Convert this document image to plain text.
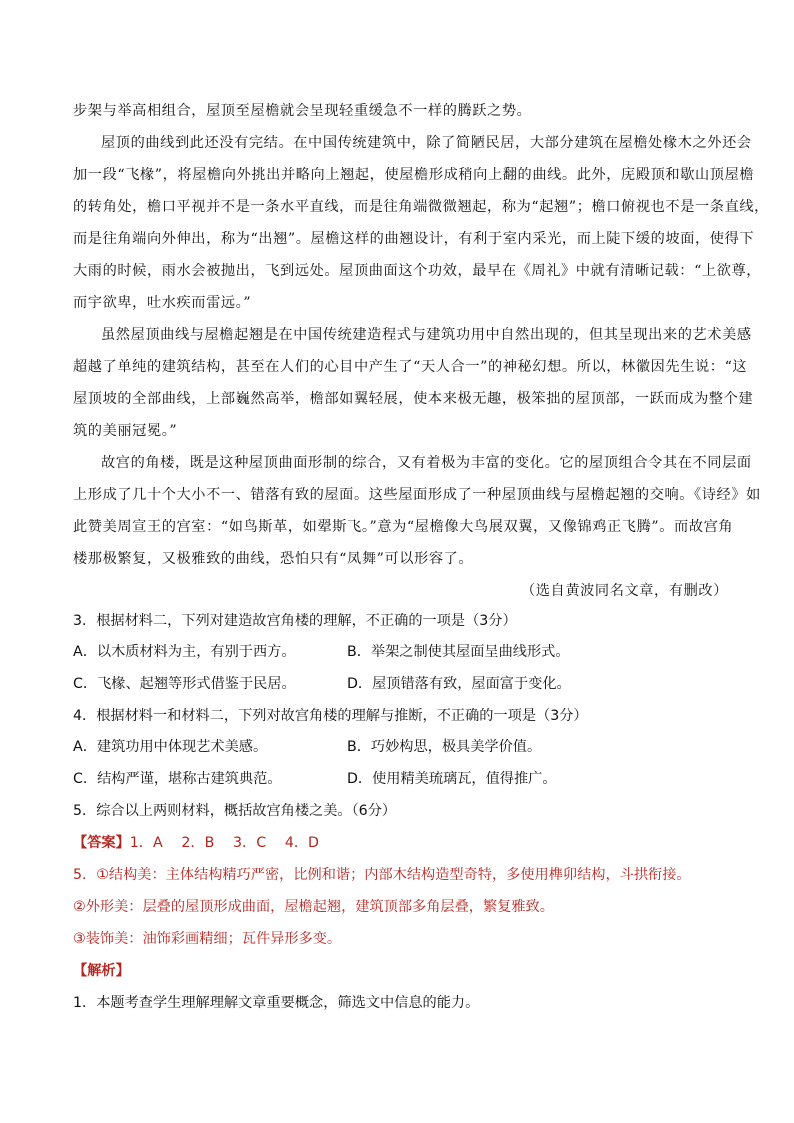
步架与举高相组合，屋顶至屋檐就会呈现轻重缓急不一样的腾跃之势。
屋顶的曲线到此还没有完结。在中国传统建筑中，除了简陋民居，大部分建筑在屋檐处椽木之外还会
加一段“飞椽”，将屋檐向外挑出并略向上翘起，使屋檐形成稍向上翻的曲线。此外，庑殿顶和歇山顶屋檐
的转角处，檐口平视并不是一条水平直线，而是往角端微微翘起，称为“起翘”；檐口俯视也不是一条直线，
而是往角端向外伸出，称为“出翘”。屋檐这样的曲翘设计，有利于室内采光，而上陡下缓的坡面，使得下
大雨的时候，雨水会被抛出，飞到远处。屋顶曲面这个功效，最早在《周礼》中就有清晰记载：“上欲尊，
而宇欲卑，吐水疾而雷远。”
虽然屋顶曲线与屋檐起翘是在中国传统建造程式与建筑功用中自然出现的，但其呈现出来的艺术美感
超越了单纯的建筑结构，甚至在人们的心目中产生了“天人合一”的神秘幻想。所以，林徽因先生说：“这
屋顶坡的全部曲线，上部巍然高举，檐部如翼轻展，使本来极无趣，极笨拙的屋顶部，一跃而成为整个建
筑的美丽冠冕。”
故宫的角楼，既是这种屋顶曲面形制的综合，又有着极为丰富的变化。它的屋顶组合令其在不同层面
上形成了几十个大小不一、错落有致的屋面。这些屋面形成了一种屋顶曲线与屋檐起翘的交响。《诗经》如
此赞美周宣王的宫室：“如鸟斯革，如翚斯飞。”意为“屋檐像大鸟展双翼，又像锦鸡正飞腾”。而故宫角
楼那极繁复，又极雅致的曲线，恐怕只有“凤舞”可以形容了。
（选自黄波同名文章，有删改）
3．根据材料二，下列对建造故宫角楼的理解，不正确的一项是（3分）
A．以木质材料为主，有别于西方。	B．举架之制使其屋面呈曲线形式。
C．飞椽、起翘等形式借鉴于民居。	D．屋顶错落有致，屋面富于变化。
4．根据材料一和材料二，下列对故宫角楼的理解与推断，不正确的一项是（3分）
A．建筑功用中体现艺术美感。	B．巧妙构思，极具美学价值。
C．结构严谨，堪称古建筑典范。	D．使用精美琉璃瓦，值得推广。
5．综合以上两则材料，概括故宫角楼之美。（6分）
【答案】1．A　 2．B　 3．C　 4．D
5．①结构美：主体结构精巧严密，比例和谐；内部木结构造型奇特，多使用榫卯结构，斗拱衔接。
②外形美：层叠的屋顶形成曲面，屋檐起翘，建筑顶部多角层叠，繁复雅致。
③装饰美：油饰彩画精细；瓦件异形多变。
【解析】
1．本题考查学生理解理解文章重要概念，筛选文中信息的能力。
